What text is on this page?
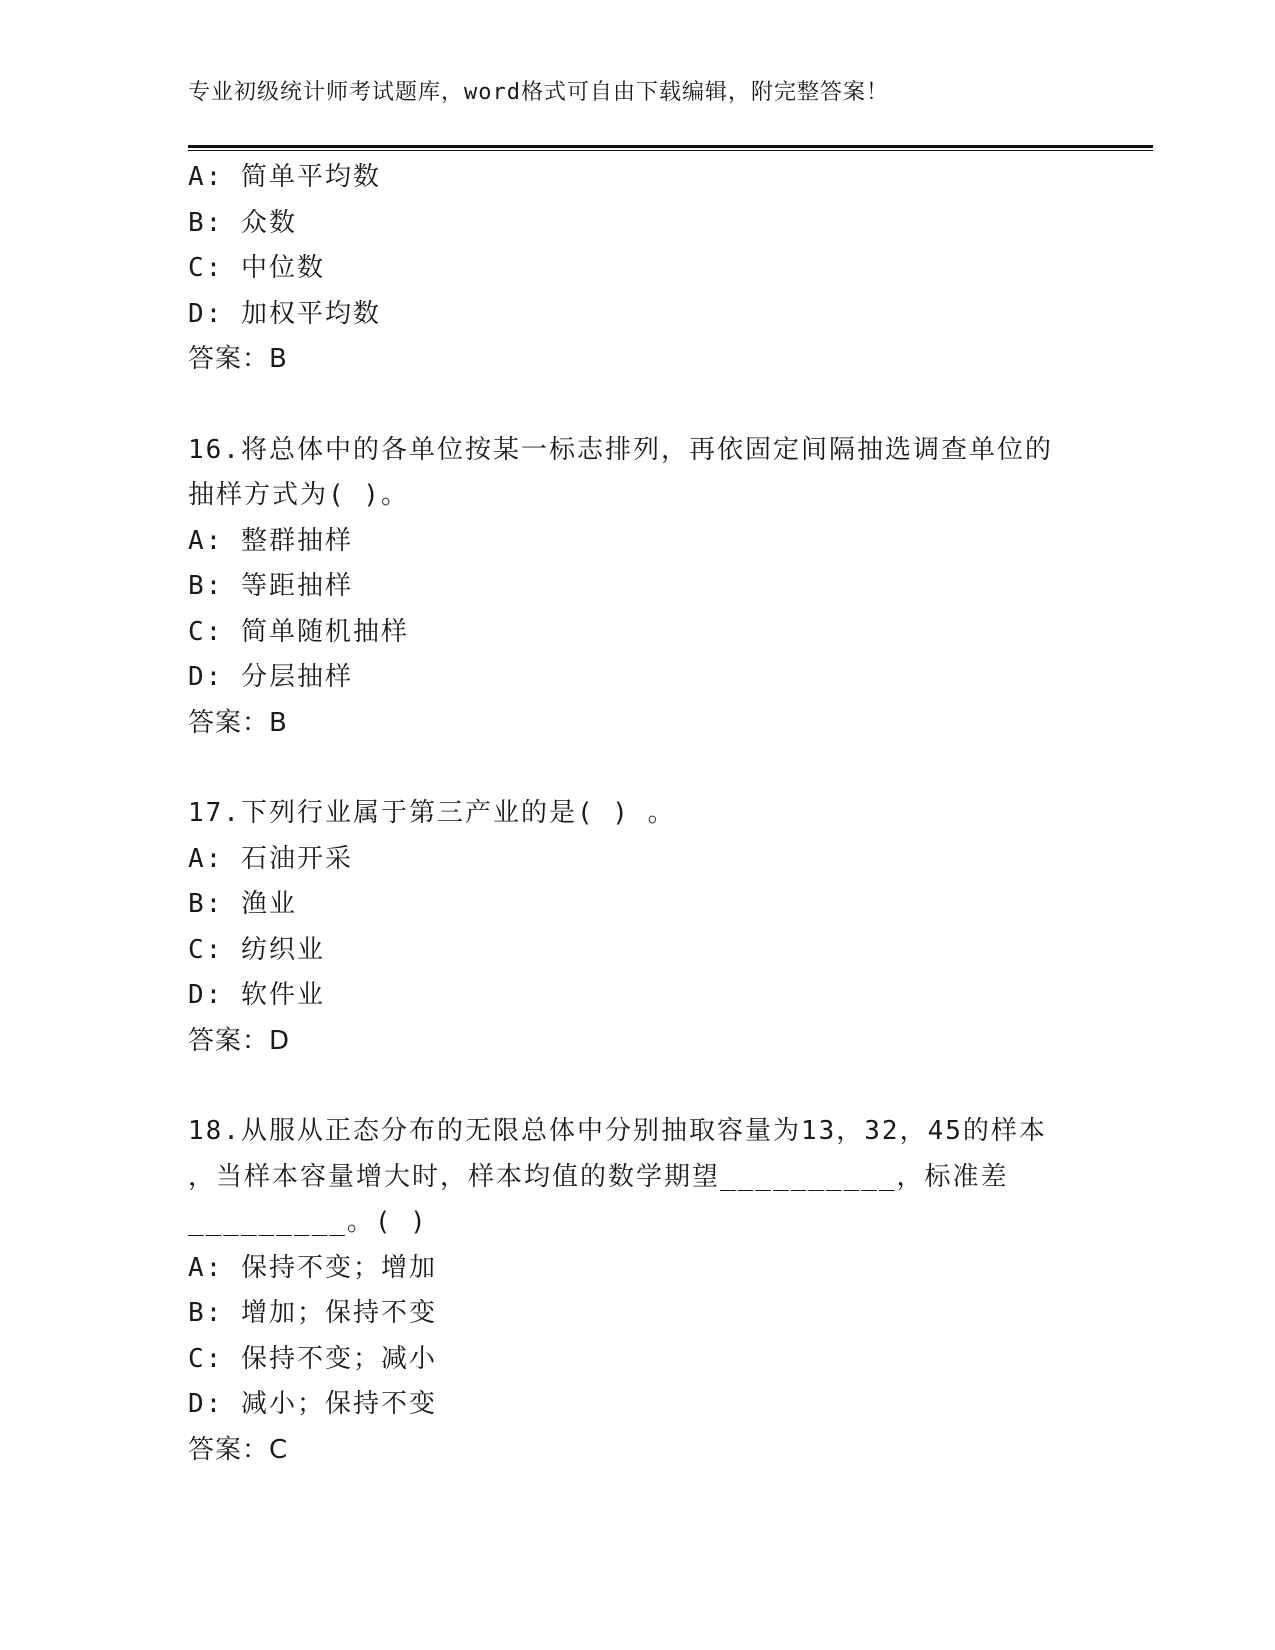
专业初级统计师考试题库，word格式可自由下载编辑，附完整答案！
A: 简单平均数
B: 众数
C: 中位数
D: 加权平均数
答案：B
16.将总体中的各单位按某一标志排列，再依固定间隔抽选调查单位的
抽样方式为( )。
A: 整群抽样
B: 等距抽样
C: 简单随机抽样
D: 分层抽样
答案：B
17.下列行业属于第三产业的是( ) 。
A: 石油开采
B: 渔业
C: 纺织业
D: 软件业
答案：D
18.从服从正态分布的无限总体中分别抽取容量为13，32，45的样本
，当样本容量增大时，样本均值的数学期望__________，标准差
_________。( )
A: 保持不变；增加
B: 增加；保持不变
C: 保持不变；减小
D: 减小；保持不变
答案：C
